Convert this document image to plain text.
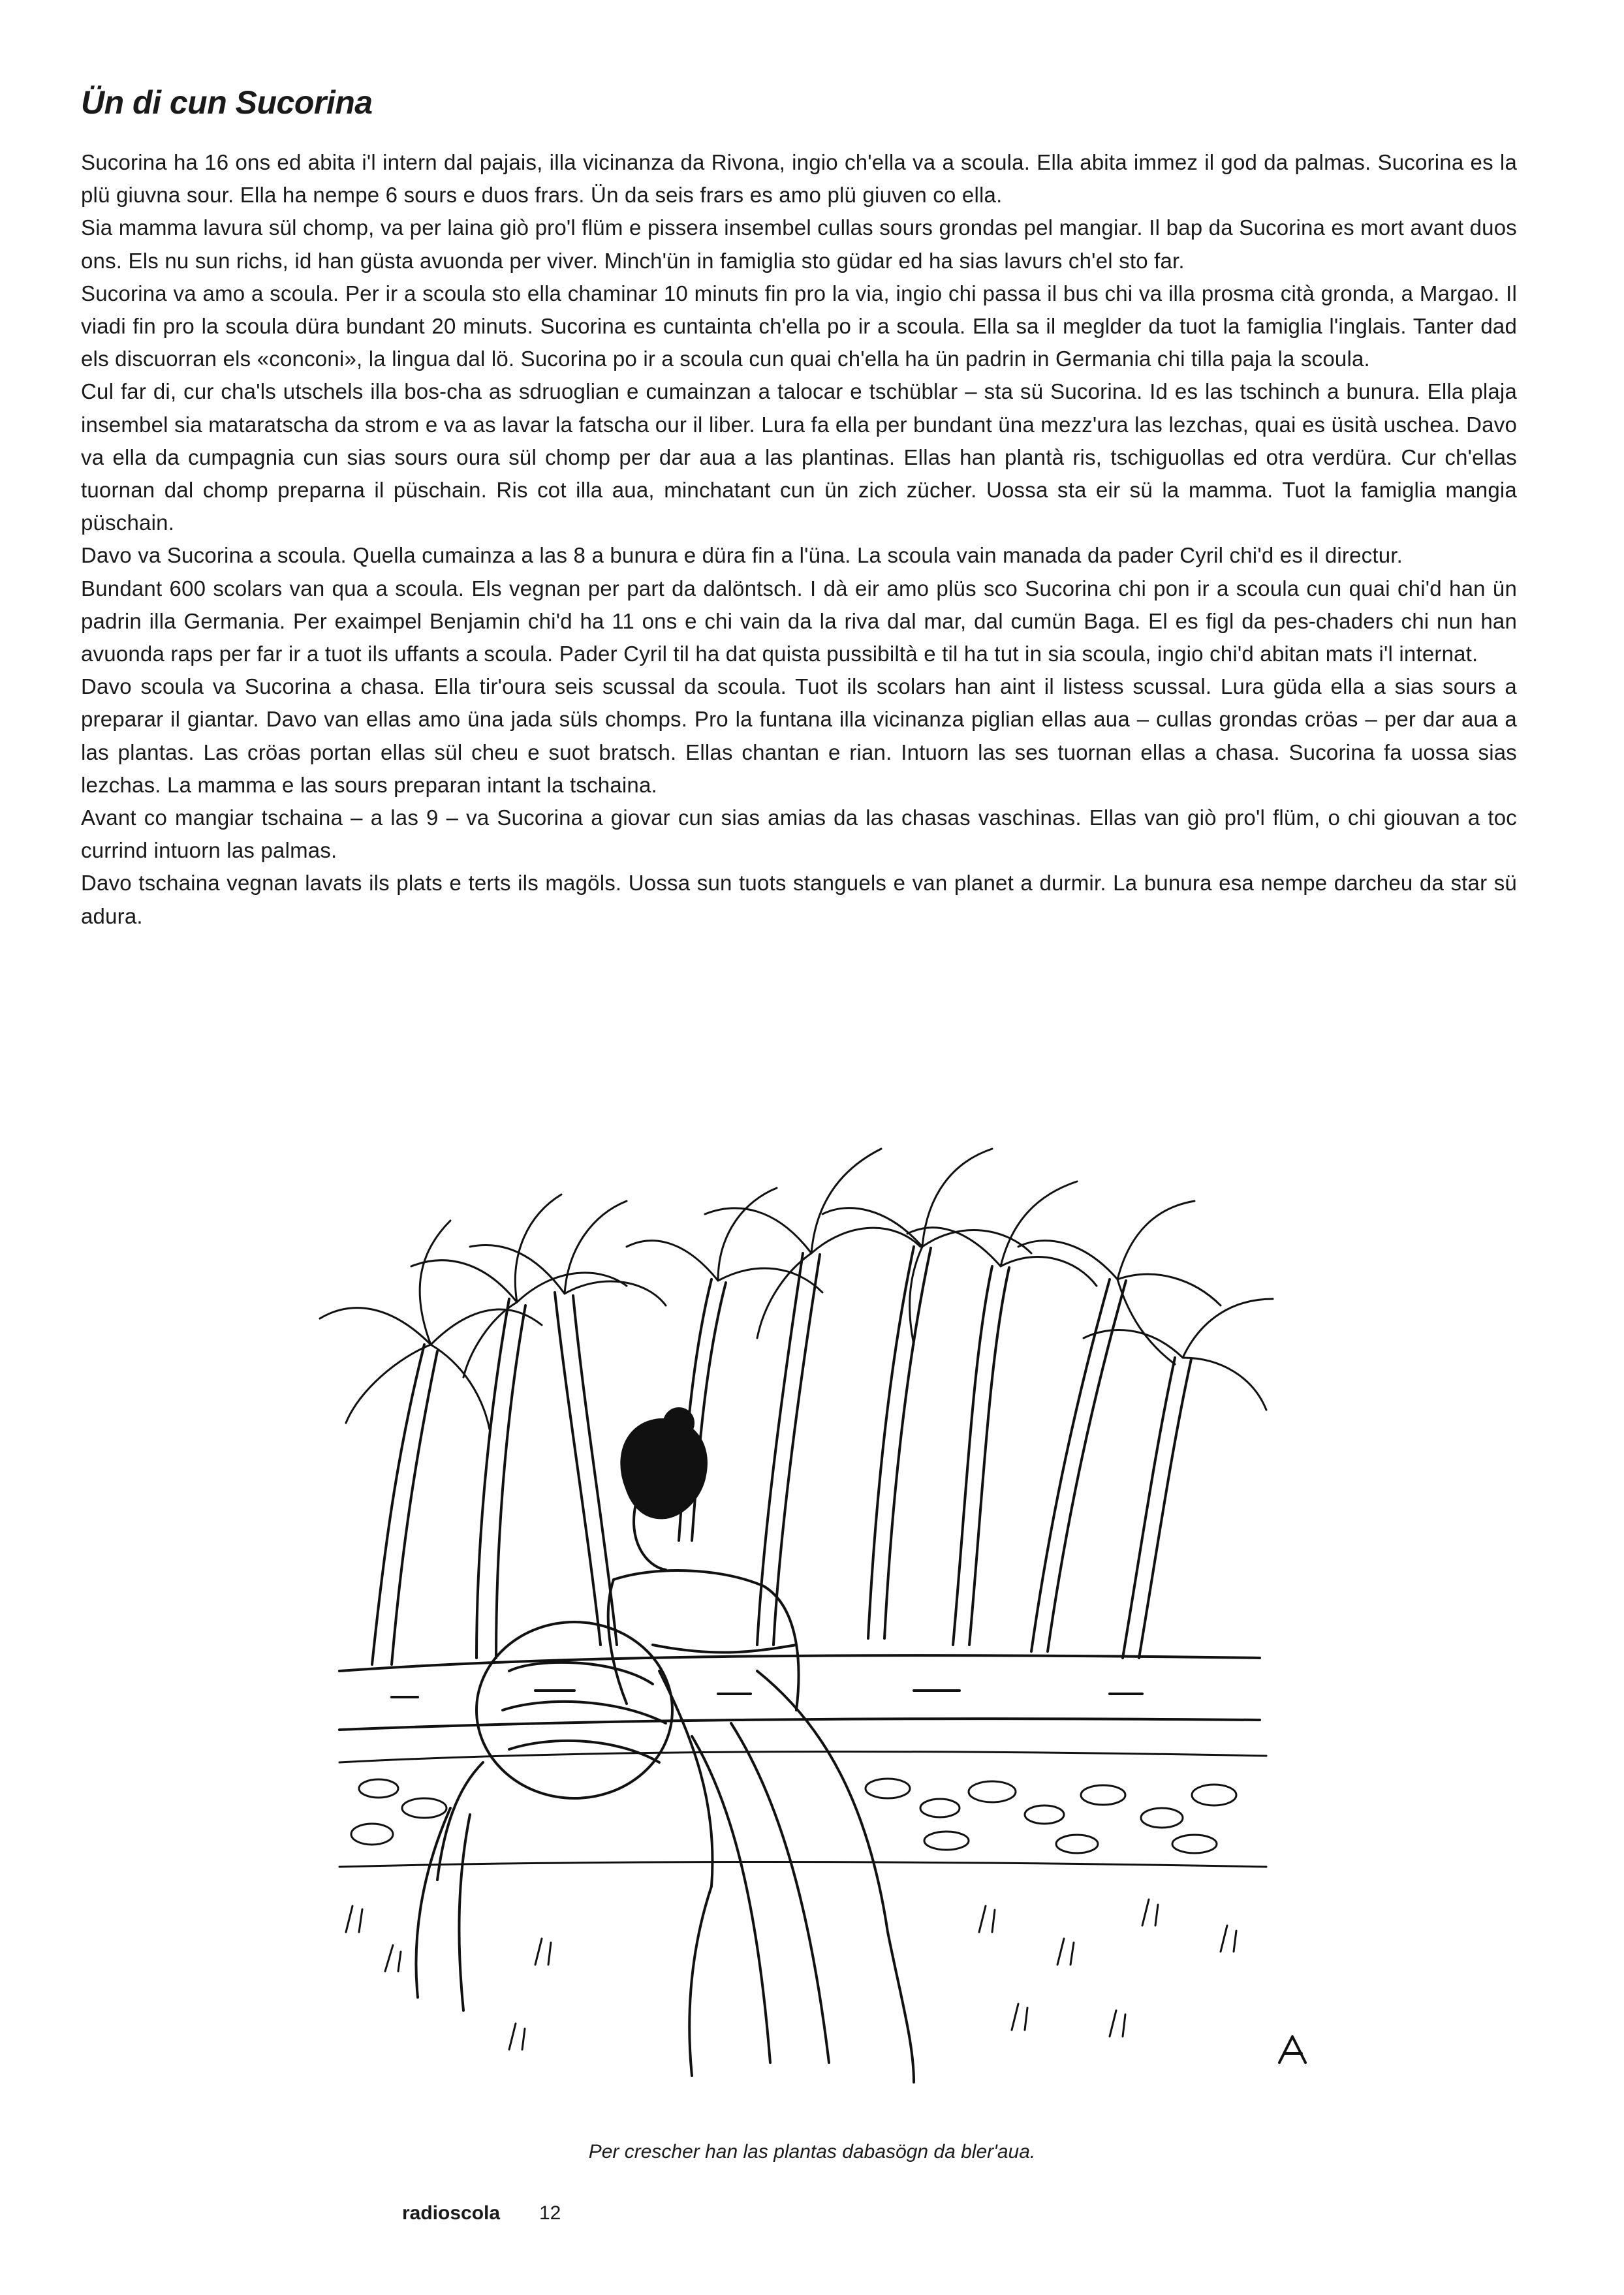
Ün di cun Sucorina

Sucorina ha 16 ons ed abita i'l intern dal pajais, illa vicinanza da Rivona, ingio ch'ella va a scoula. Ella abita immez il god da palmas. Sucorina es la plü giuvna sour. Ella ha nempe 6 sours e duos frars. Ün da seis frars es amo plü giuven co ella.

Sia mamma lavura sül chomp, va per laina giò pro'l flüm e pissera insembel cullas sours grondas pel mangiar. Il bap da Sucorina es mort avant duos ons. Els nu sun richs, id han güsta avuonda per viver. Minch'ün in famiglia sto güdar ed ha sias lavurs ch'el sto far.

Sucorina va amo a scoula. Per ir a scoula sto ella chaminar 10 minuts fin pro la via, ingio chi passa il bus chi va illa prosma cità gronda, a Margao. Il viadi fin pro la scoula düra bundant 20 minuts. Sucorina es cuntainta ch'ella po ir a scoula. Ella sa il meglder da tuot la famiglia l'inglais. Tanter dad els discuorran els «conconi», la lingua dal lö. Sucorina po ir a scoula cun quai ch'ella ha ün padrin in Germania chi tilla paja la scoula.

Cul far di, cur cha'ls utschels illa bos-cha as sdruoglian e cumainzan a talocar e tschüblar – sta sü Sucorina. Id es las tschinch a bunura. Ella plaja insembel sia mataratscha da strom e va as lavar la fatscha our il liber. Lura fa ella per bundant üna mezz'ura las lezchas, quai es üsità uschea. Davo va ella da cumpagnia cun sias sours oura sül chomp per dar aua a las plantinas. Ellas han plantà ris, tschiguollas ed otra verdüra. Cur ch'ellas tuornan dal chomp preparna il püschain. Ris cot illa aua, minchatant cun ün zich zücher. Uossa sta eir sü la mamma. Tuot la famiglia mangia püschain.

Davo va Sucorina a scoula. Quella cumainza a las 8 a bunura e düra fin a l'üna. La scoula vain manada da pader Cyril chi'd es il directur.

Bundant 600 scolars van qua a scoula. Els vegnan per part da dalöntsch. I dà eir amo plüs sco Sucorina chi pon ir a scoula cun quai chi'd han ün padrin illa Germania. Per exaimpel Benjamin chi'd ha 11 ons e chi vain da la riva dal mar, dal cumün Baga. El es figl da pes-chaders chi nun han avuonda raps per far ir a tuot ils uffants a scoula. Pader Cyril til ha dat quista pussibiltà e til ha tut in sia scoula, ingio chi'd abitan mats i'l internat.

Davo scoula va Sucorina a chasa. Ella tir'oura seis scussal da scoula. Tuot ils scolars han aint il listess scussal. Lura güda ella a sias sours a preparar il giantar. Davo van ellas amo üna jada süls chomps. Pro la funtana illa vicinanza piglian ellas aua – cullas grondas cröas – per dar aua a las plantas. Las cröas portan ellas sül cheu e suot bratsch. Ellas chantan e rian. Intuorn las ses tuornan ellas a chasa. Sucorina fa uossa sias lezchas. La mamma e las sours preparan intant la tschaina.

Avant co mangiar tschaina – a las 9 – va Sucorina a giovar cun sias amias da las chasas vaschinas. Ellas van giò pro'l flüm, o chi giouvan a toc currind intuorn las palmas.

Davo tschaina vegnan lavats ils plats e terts ils magöls. Uossa sun tuots stanguels e van planet a durmir. La bunura esa nempe darcheu da star sü adura.

Per crescher han las plantas dabasögn da bler'aua.
radioscola 12
